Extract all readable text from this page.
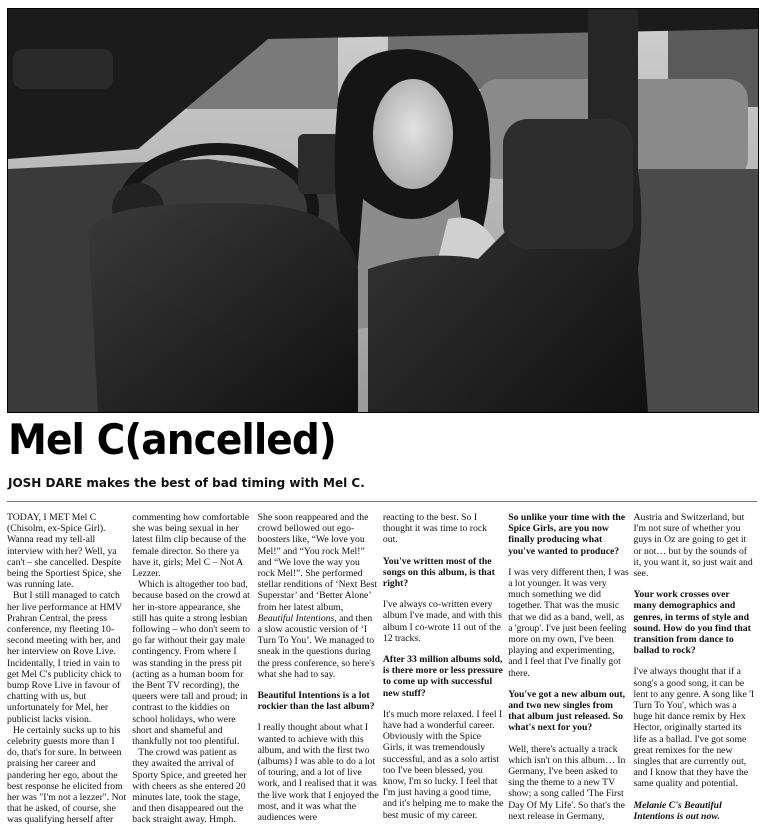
Mel C(ancelled)

JOSH DARE makes the best of bad timing with Mel C.

TODAY, I MET Mel C (Chisolm, ex-Spice Girl). Wanna read my tell-all interview with her? Well, ya can't – she cancelled. Despite being the Sportiest Spice, she was running late.

But I still managed to catch her live performance at HMV Prahran Central, the press conference, my fleeting 10-second meeting with her, and her interview on Rove Live. Incidentally, I tried in vain to get Mel C's publicity chick to bump Rove Live in favour of chatting with us, but unfortunately for Mel, her publicist lacks vision.

He certainly sucks up to his celebrity guests more than I do, that's for sure. In between praising her career and pandering her ego, about the best response he elicited from her was "I'm not a lezzer". Not that he asked, of course, she was qualifying herself after

commenting how comfortable she was being sexual in her latest film clip because of the female director. So there ya have it, girls; Mel C – Not A Lezzer.

Which is altogether too bad, because based on the crowd at her in-store appearance, she still has quite a strong lesbian following – who don't seem to go far without their gay male contingency. From where I was standing in the press pit (acting as a human boom for the Bent TV recording), the queers were tall and proud; in contrast to the kiddies on school holidays, who were short and shameful and thankfully not too plentiful.

The crowd was patient as they awaited the arrival of Sporty Spice, and greeted her with cheers as she entered 20 minutes late, took the stage, and then disappeared out the back straight away. Hmph.

She soon reappeared and the crowd bellowed out ego-boosters like, “We love you Mel!” and “You rock Mel!” and “We love the way you rock Mel!”. She performed stellar renditions of ‘Next Best Superstar’ and ‘Better Alone’ from her latest album, Beautiful Intentions, and then a slow acoustic version of ‘I Turn To You’. We managed to sneak in the questions during the press conference, so here's what she had to say.

Beautiful Intentions is a lot rockier than the last album?

I really thought about what I wanted to achieve with this album, and with the first two (albums) I was able to do a lot of touring, and a lot of live work, and I realised that it was the live work that I enjoyed the most, and it was what the audiences were

reacting to the best. So I thought it was time to rock out.

You've written most of the songs on this album, is that right?

I've always co-written every album I've made, and with this album I co-wrote 11 out of the 12 tracks.

After 33 million albums sold, is there more or less pressure to come up with successful new stuff?

It's much more relaxed. I feel I have had a wonderful career. Obviously with the Spice Girls, it was tremendously successful, and as a solo artist too I've been blessed, you know, I'm so lucky. I feel that I'm just having a good time, and it's helping me to make the best music of my career.

So unlike your time with the Spice Girls, are you now finally producing what you've wanted to produce?

I was very different then, I was a lot younger. It was very much something we did together. That was the music that we did as a band, well, as a 'group'. I've just been feeling more on my own, I've been playing and experimenting, and I feel that I've finally got there.

You've got a new album out, and two new singles from that album just released. So what's next for you?

Well, there's actually a track which isn't on this album… In Germany, I've been asked to sing the theme to a new TV show; a song called 'The First Day Of My Life'. So that's the next release in Germany,

Austria and Switzerland, but I'm not sure of whether you guys in Oz are going to get it or not… but by the sounds of it, you want it, so just wait and see.

Your work crosses over many demographics and genres, in terms of style and sound. How do you find that transition from dance to ballad to rock?

I've always thought that if a song's a good song, it can be lent to any genre. A song like 'I Turn To You', which was a huge hit dance remix by Hex Hector, originally started its life as a ballad. I've got some great remixes for the new singles that are currently out, and I know that they have the same quality and potential.

Melanie C's Beautiful Intentions is out now.
